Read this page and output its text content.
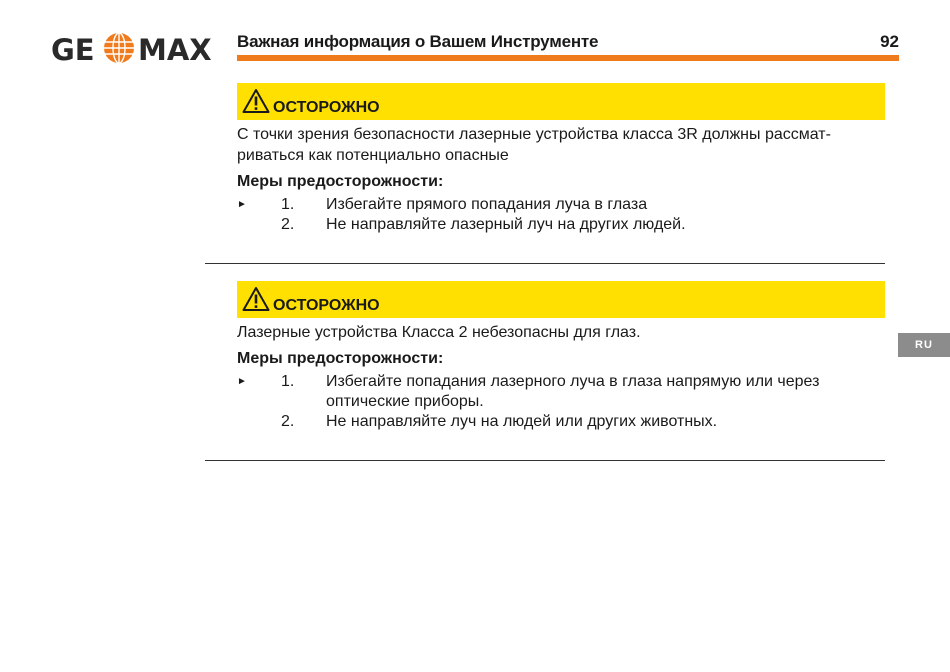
GE MAX Важная информация о Вашем Инструменте	92
RU
ОСТОРОЖНО
С точки зрения безопасности лазерные устройства класса 3R должны рассмат-
риваться как потенциально опасные
Меры предосторожности:
► 1. Избегайте прямого попадания луча в глаза
2. Не направляйте лазерный луч на других людей.
ОСТОРОЖНО
Лазерные устройства Класса 2 небезопасны для глаз.
Меры предосторожности:
► 1. Избегайте попадания лазерного луча в глаза напрямую или через
оптические приборы.
2. Не направляйте луч на людей или других животных.
